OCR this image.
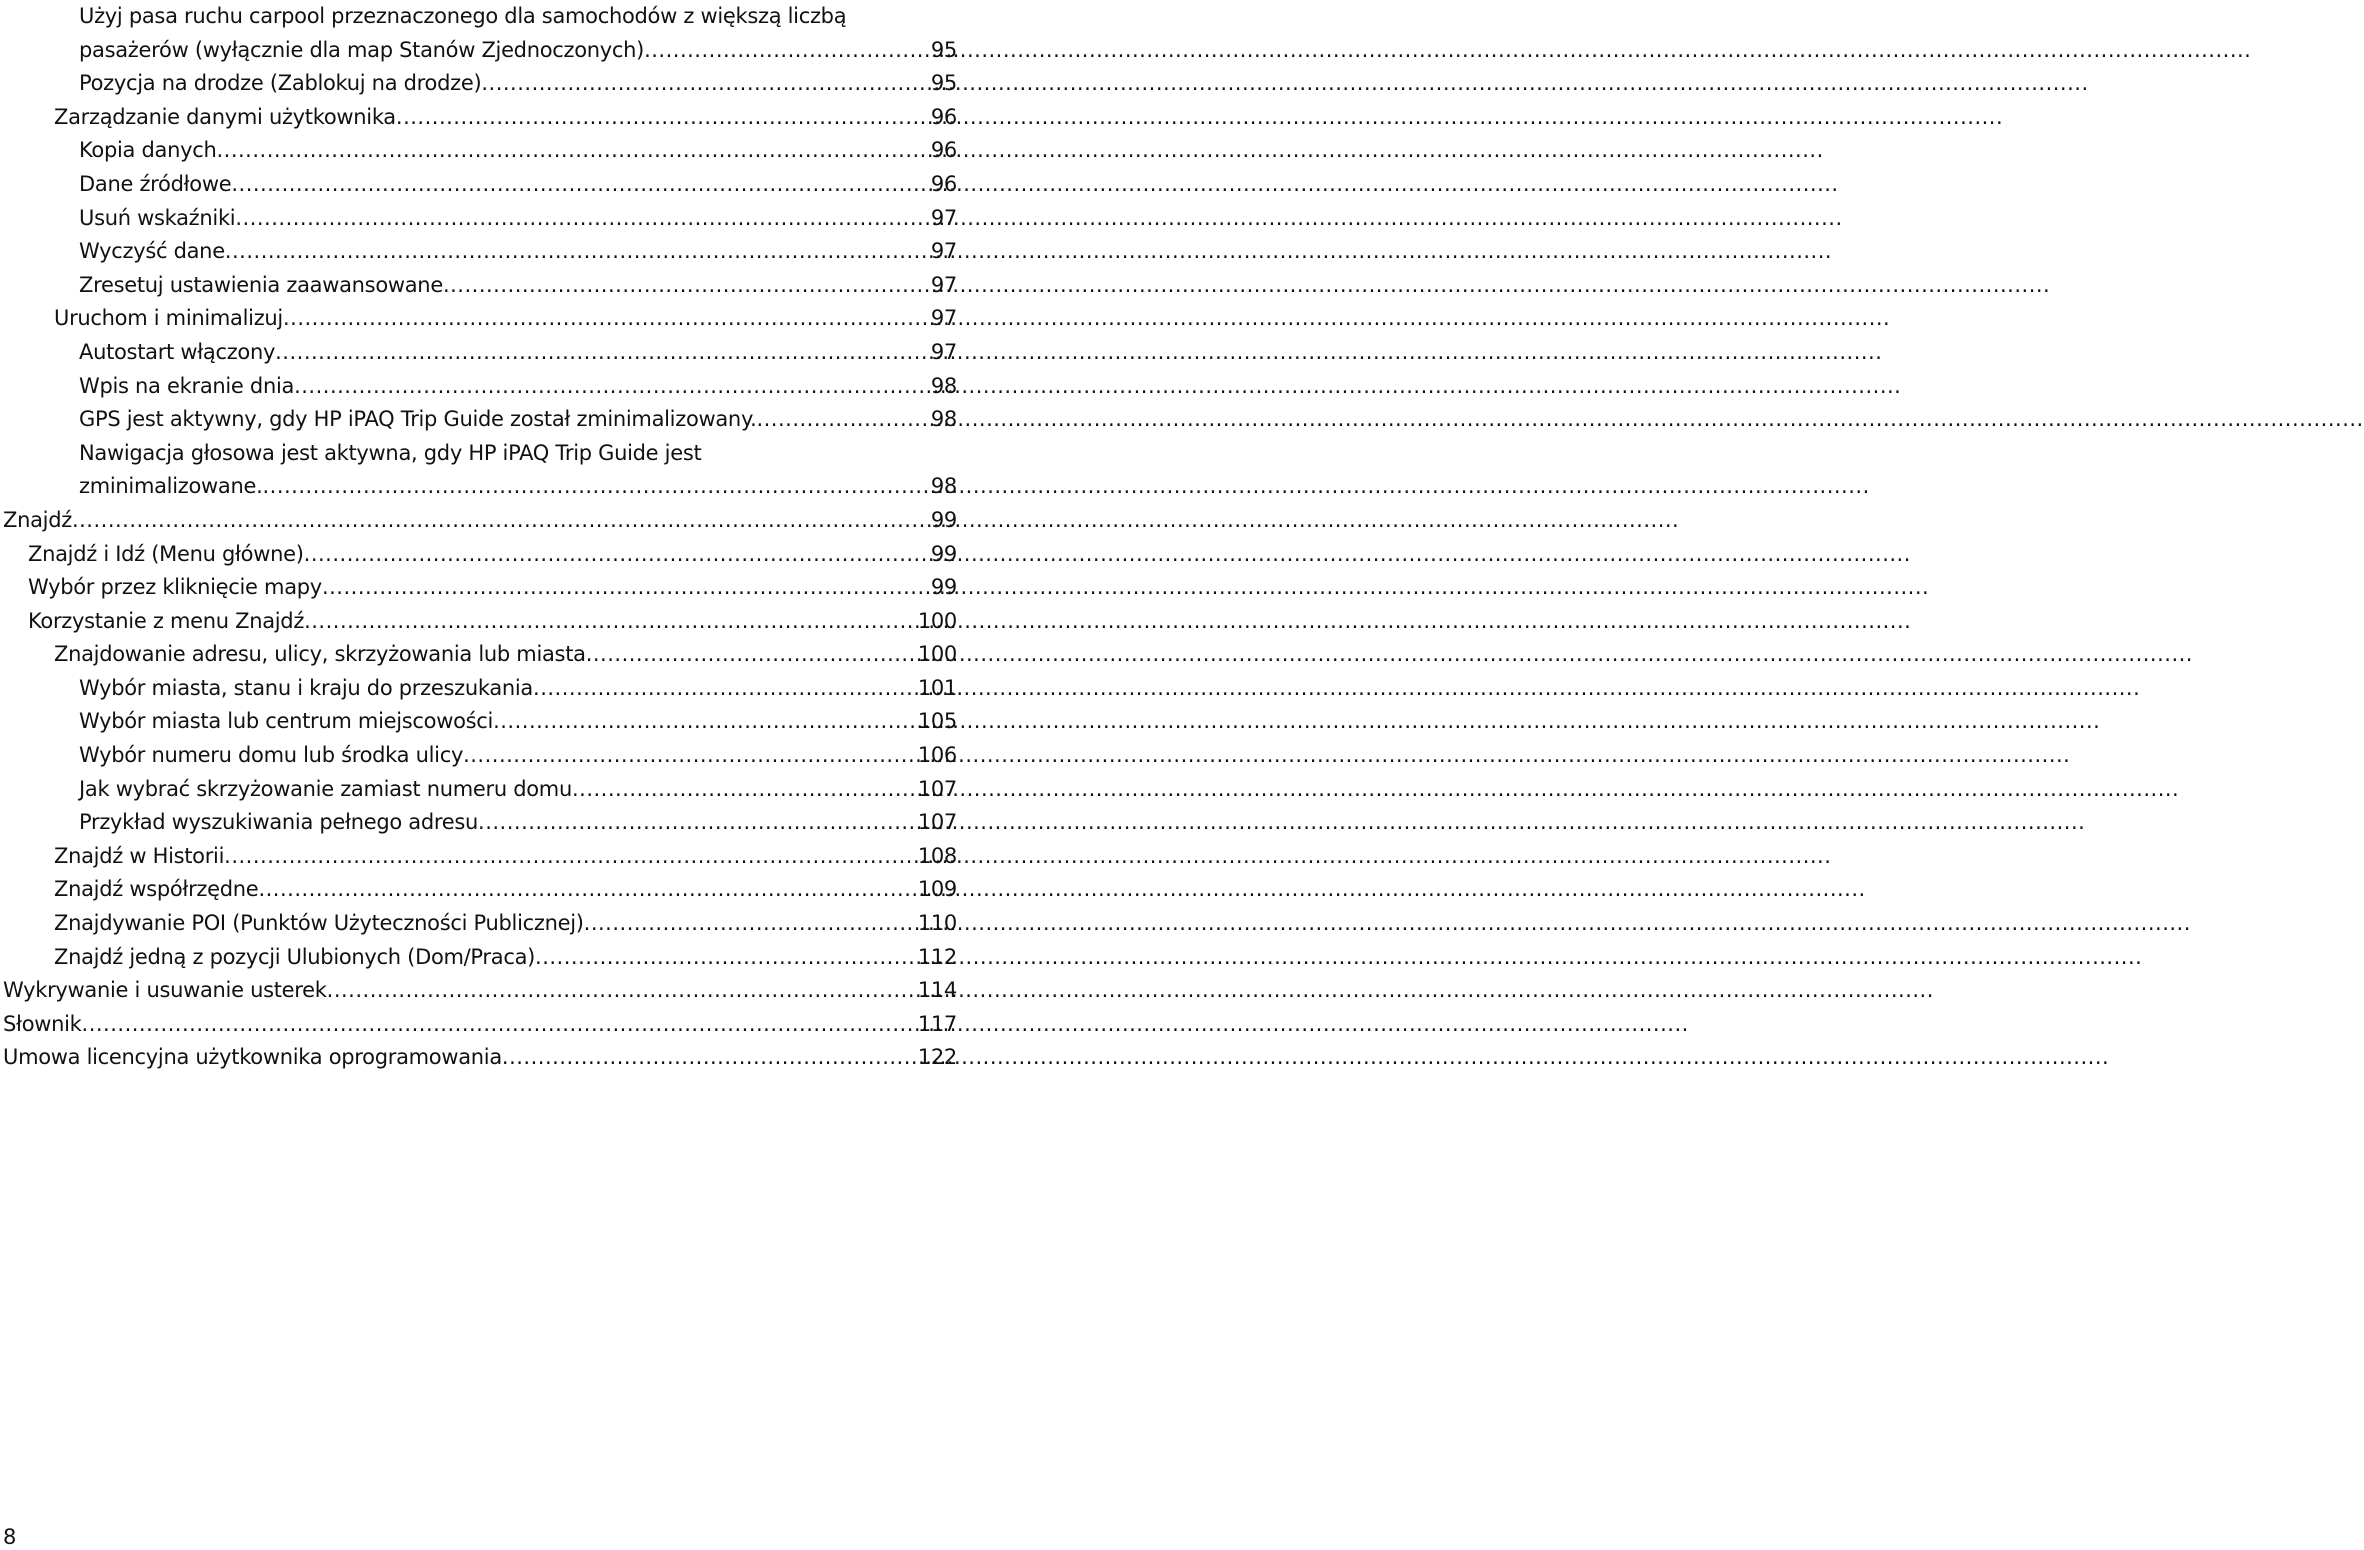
Użyj pasa ruchu carpool przeznaczonego dla samochodów z większą liczbą
pasażerów (wyłącznie dla map Stanów Zjednoczonych) .....	95
Pozycja na drodze (Zablokuj na drodze) .....	95
Zarządzanie danymi użytkownika .....	96
Kopia danych .....	96
Dane źródłowe .....	96
Usuń wskaźniki .....	97
Wyczyść dane .....	97
Zresetuj ustawienia zaawansowane .....	97
Uruchom i minimalizuj .....	97
Autostart włączony .....	97
Wpis na ekranie dnia .....	98
GPS jest aktywny, gdy HP iPAQ Trip Guide został zminimalizowany. .....	98
Nawigacja głosowa jest aktywna, gdy HP iPAQ Trip Guide jest
zminimalizowane. .....	98
Znajdź .....	99
Znajdź i Idź (Menu główne) .....	99
Wybór przez kliknięcie mapy .....	99
Korzystanie z menu Znajdź .....	100
Znajdowanie adresu, ulicy, skrzyżowania lub miasta .....	100
Wybór miasta, stanu i kraju do przeszukania .....	101
Wybór miasta lub centrum miejscowości .....	105
Wybór numeru domu lub środka ulicy .....	106
Jak wybrać skrzyżowanie zamiast numeru domu .....	107
Przykład wyszukiwania pełnego adresu .....	107
Znajdź w Historii .....	108
Znajdź współrzędne .....	109
Znajdywanie POI (Punktów Użyteczności Publicznej) .....	110
Znajdź jedną z pozycji Ulubionych (Dom/Praca) .....	112
Wykrywanie i usuwanie usterek .....	114
Słownik .....	117
Umowa licencyjna użytkownika oprogramowania .....	122
8
